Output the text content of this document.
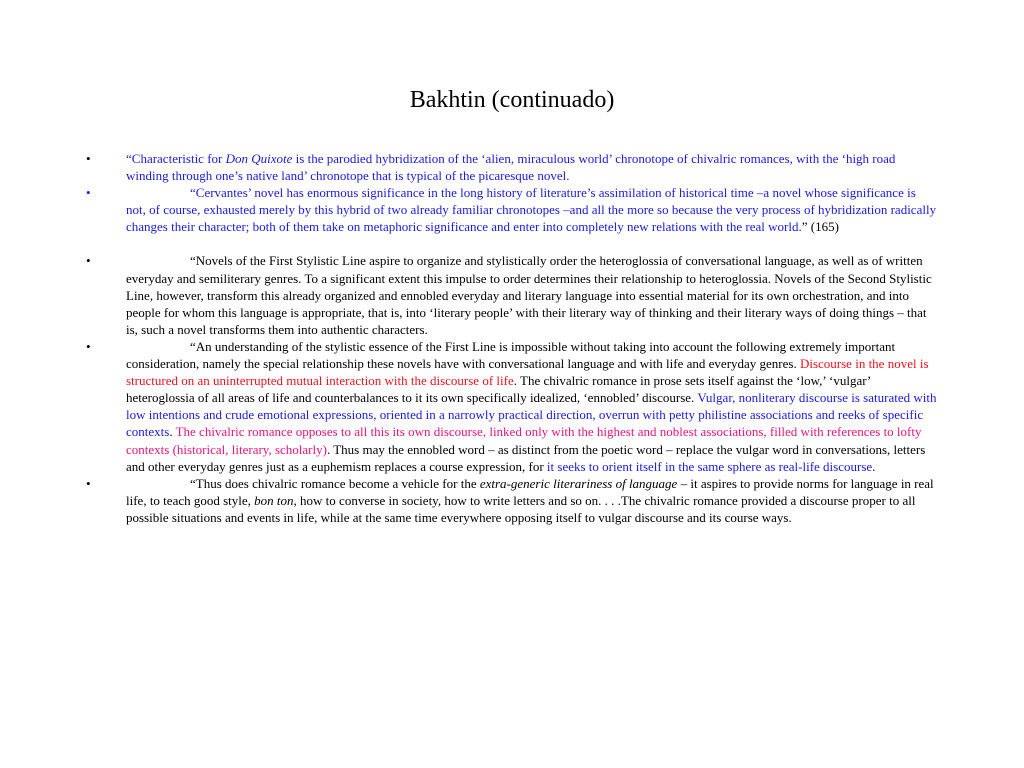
Bakhtin (continuado)
•	“Characteristic for Don Quixote is the parodied hybridization of the ‘alien, miraculous world’ chronotope of chivalric romances, with the ‘high road winding through one’s native land’ chronotope that is typical of the picaresque novel.
•	“Cervantes’ novel has enormous significance in the long history of literature’s assimilation of historical time –a novel whose significance is not, of course, exhausted merely by this hybrid of two already familiar chronotopes –and all the more so because the very process of hybridization radically changes their character; both of them take on metaphoric significance and enter into completely new relations with the real world.” (165)
•	“Novels of the First Stylistic Line aspire to organize and stylistically order the heteroglossia of conversational language, as well as of written everyday and semiliterary genres. To a significant extent this impulse to order determines their relationship to heteroglossia. Novels of the Second Stylistic Line, however, transform this already organized and ennobled everyday and literary language into essential material for its own orchestration, and into people for whom this language is appropriate, that is, into ‘literary people’ with their literary way of thinking and their literary ways of doing things – that is, such a novel transforms them into authentic characters.
•	“An understanding of the stylistic essence of the First Line is impossible without taking into account the following extremely important consideration, namely the special relationship these novels have with conversational language and with life and everyday genres. Discourse in the novel is structured on an uninterrupted mutual interaction with the discourse of life. The chivalric romance in prose sets itself against the ‘low,’ ‘vulgar’ heteroglossia of all areas of life and counterbalances to it its own specifically idealized, ‘ennobled’ discourse. Vulgar, nonliterary discourse is saturated with low intentions and crude emotional expressions, oriented in a narrowly practical direction, overrun with petty philistine associations and reeks of specific contexts. The chivalric romance opposes to all this its own discourse, linked only with the highest and noblest associations, filled with references to lofty contexts (historical, literary, scholarly). Thus may the ennobled word – as distinct from the poetic word – replace the vulgar word in conversations, letters and other everyday genres just as a euphemism replaces a course expression, for it seeks to orient itself in the same sphere as real-life discourse.
•	“Thus does chivalric romance become a vehicle for the extra-generic literariness of language – it aspires to provide norms for language in real life, to teach good style, bon ton, how to converse in society, how to write letters and so on. . . .The chivalric romance provided a discourse proper to all possible situations and events in life, while at the same time everywhere opposing itself to vulgar discourse and its course ways.
